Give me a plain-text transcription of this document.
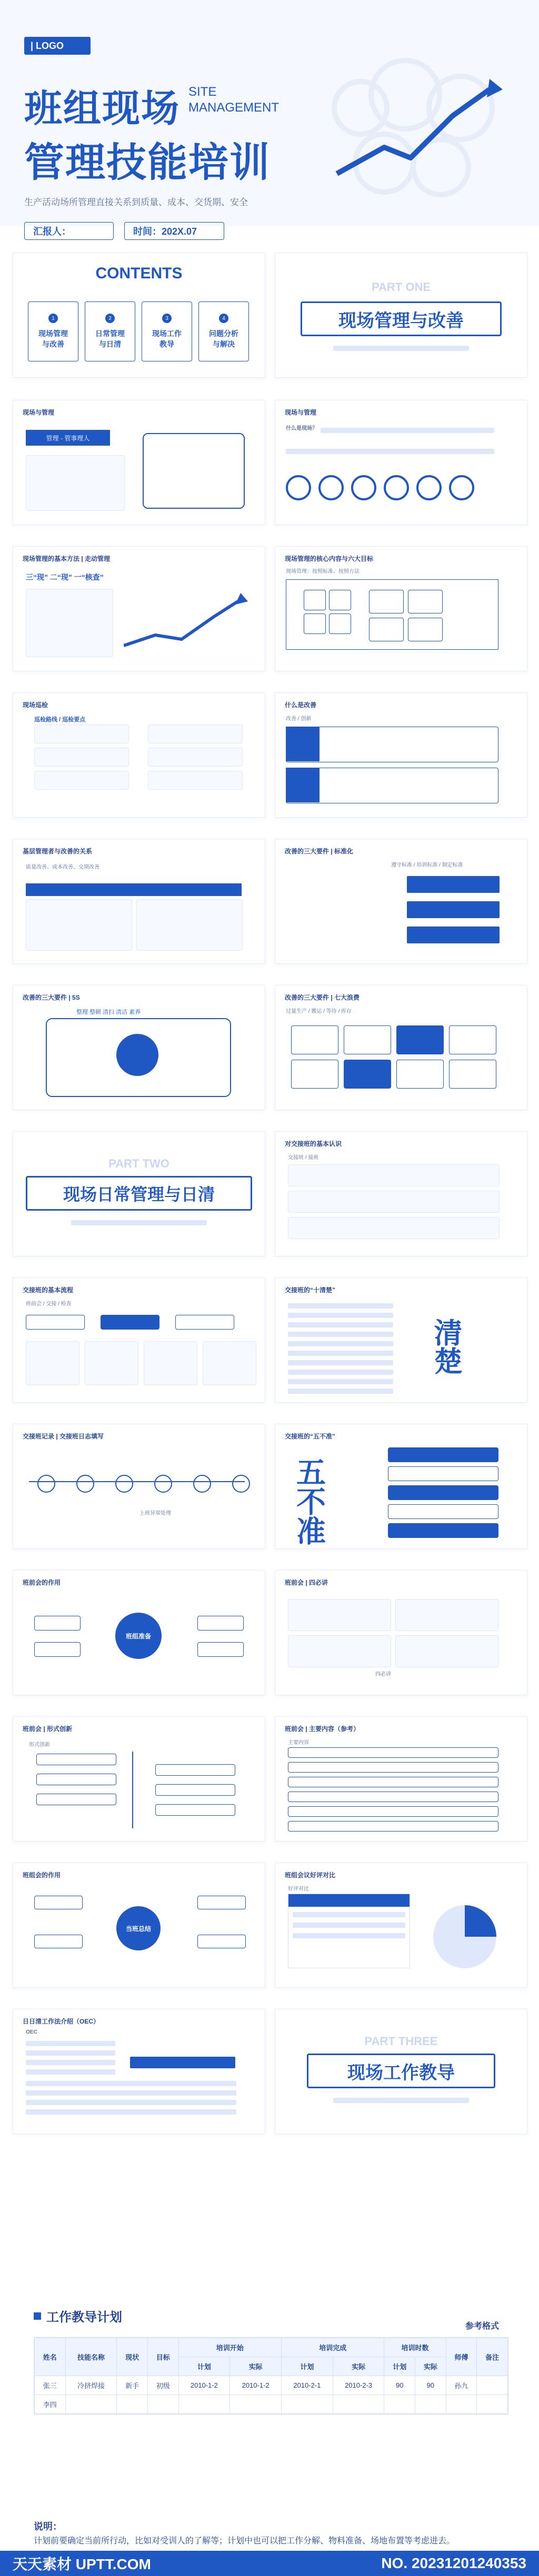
| LOGO
班组现场 SITE MANAGEMENT
管理技能培训
生产活动场所管理直接关系到质量、成本、交货期、安全
汇报人：	时间：202X.07
CONTENTS
1
现场管理与改善
2
日常管理与日清
3
现场工作教导
4
问题分析与解决
PART ONE
现场管理与改善
现场与管理
管理 - 管事理人
现场与管理
什么是现场？
现场管理的基本方法 | 走动管理
三“现” 二“现” 一“核查”
现场管理的核心内容与六大目标
现场管理：按照标准、按照方法
现场巡检
巡检路线 / 巡检要点
什么是改善
改善 / 创新
基层管理者与改善的关系
质量改善、成本改善、交期改善
改善的三大要件 | 标准化
遵守标准 / 培训标准 / 制定标准
改善的三大要件 | 5S
整理 整顿 清扫 清洁 素养
改善的三大要件 | 七大浪费
过量生产 / 搬运 / 等待 / 库存
PART TWO
现场日常管理与日清
对交接班的基本认识
交接班 / 接班
交接班的基本流程
班前会 / 交接 / 检查
交接班的“十清楚”
清楚
交接班记录 | 交接班日志填写
上班异常处理
交接班的“五不准”
五不准
班前会的作用
班组准备
班前会 | 四必讲
四必讲
班前会 | 形式创新
形式创新
班前会 | 主要内容（参考）
主要内容
班组会的作用
当班总结
班组会议好评对比
好评对比
日日清工作法介绍（OEC）
OEC
PART THREE
现场工作教导
工作教导计划
参考格式
姓名	技能名称	现状	目标	培训开始		培训完成		培训时数		师傅	备注
				计划	实际	计划	实际	计划	实际		
张三	冷挤焊接	新手	初级	2010-1-2	2010-1-2	2010-2-1	2010-2-3	90	90	孙九	
李四											
说明：
计划前要确定当前所行动，比如对受训人的了解等；计划中也可以把工作分解、物料准备、场地布置等考虑进去。
天天素材 UPTT.COM	NO. 20231201240353
